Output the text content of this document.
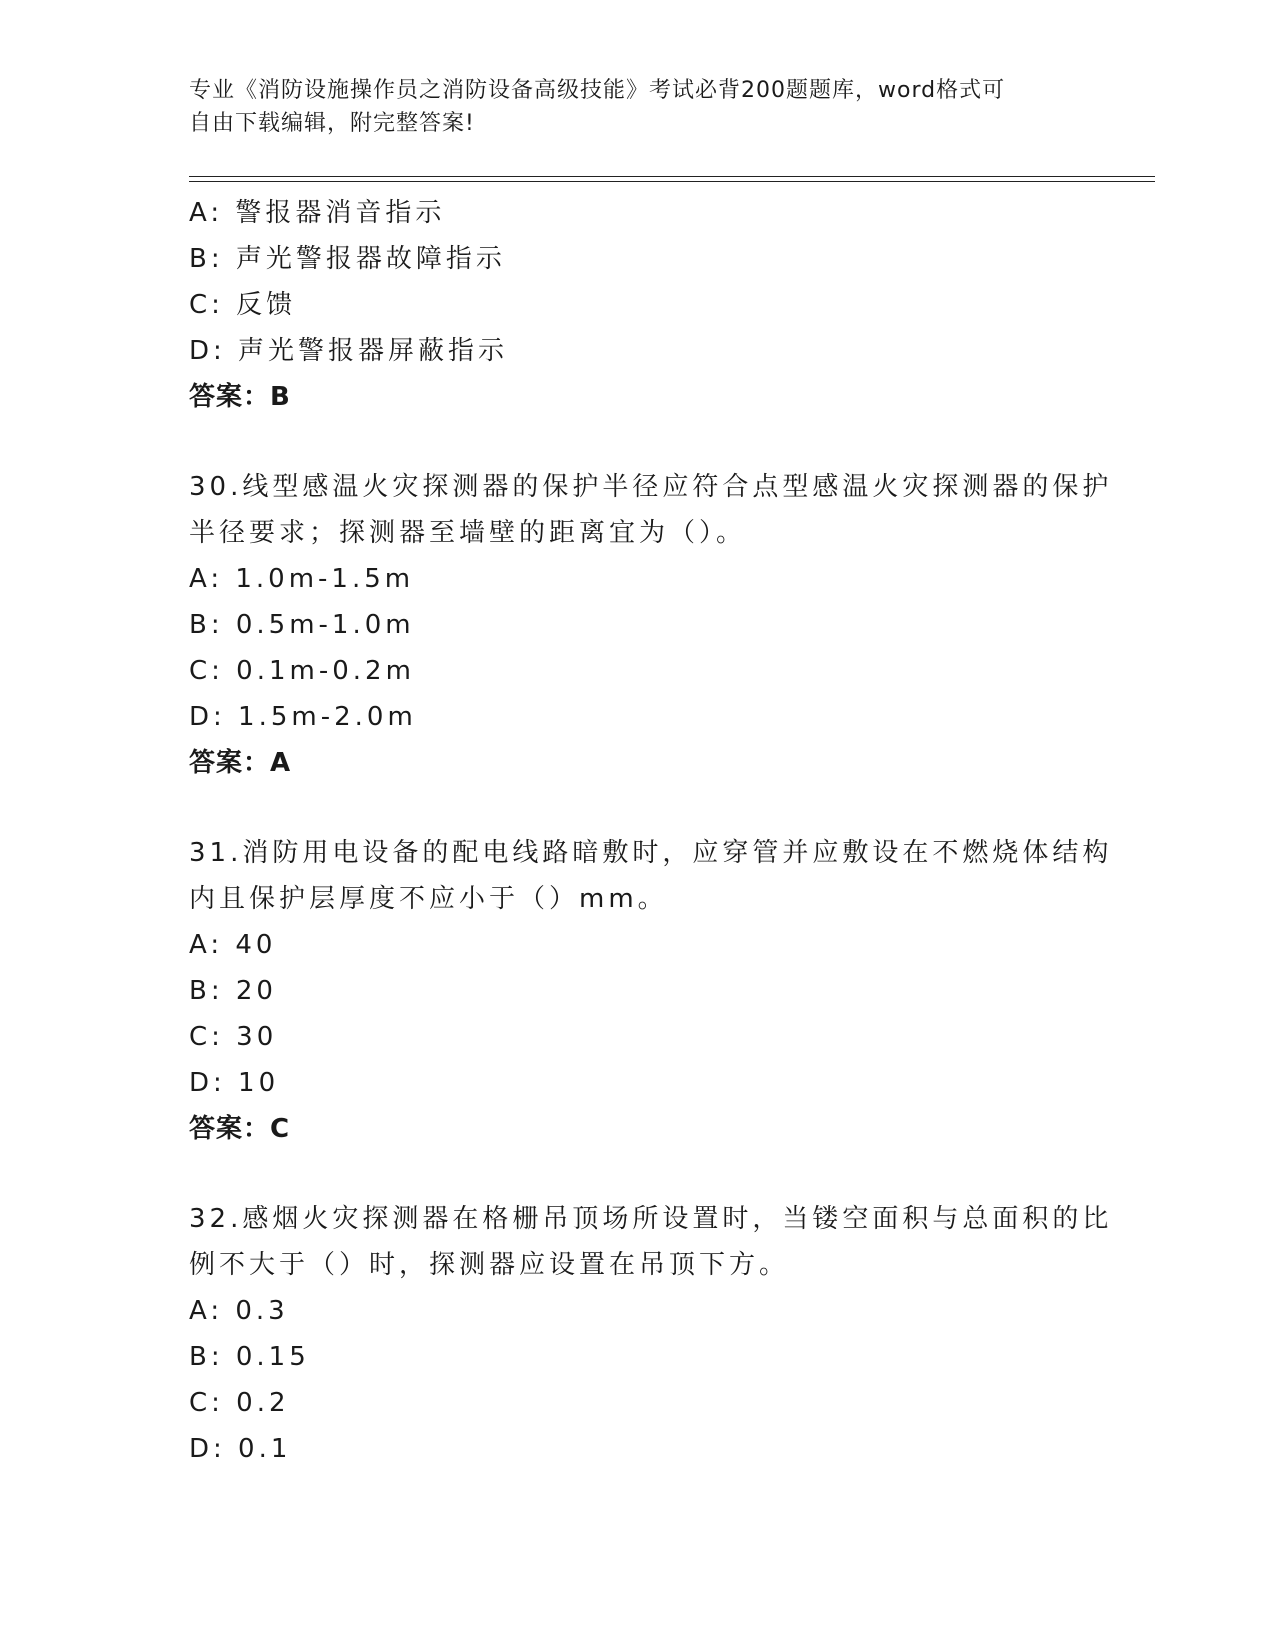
专业《消防设施操作员之消防设备高级技能》考试必背200题题库，word格式可
自由下载编辑，附完整答案!
A: 警报器消音指示
B: 声光警报器故障指示
C: 反馈
D: 声光警报器屏蔽指示
答案：B
30.线型感温火灾探测器的保护半径应符合点型感温火灾探测器的保护
半径要求；探测器至墙壁的距离宜为（）。
A: 1.0m-1.5m
B: 0.5m-1.0m
C: 0.1m-0.2m
D: 1.5m-2.0m
答案：A
31.消防用电设备的配电线路暗敷时，应穿管并应敷设在不燃烧体结构
内且保护层厚度不应小于（）mm。
A: 40
B: 20
C: 30
D: 10
答案：C
32.感烟火灾探测器在格栅吊顶场所设置时，当镂空面积与总面积的比
例不大于（）时，探测器应设置在吊顶下方。
A: 0.3
B: 0.15
C: 0.2
D: 0.1
